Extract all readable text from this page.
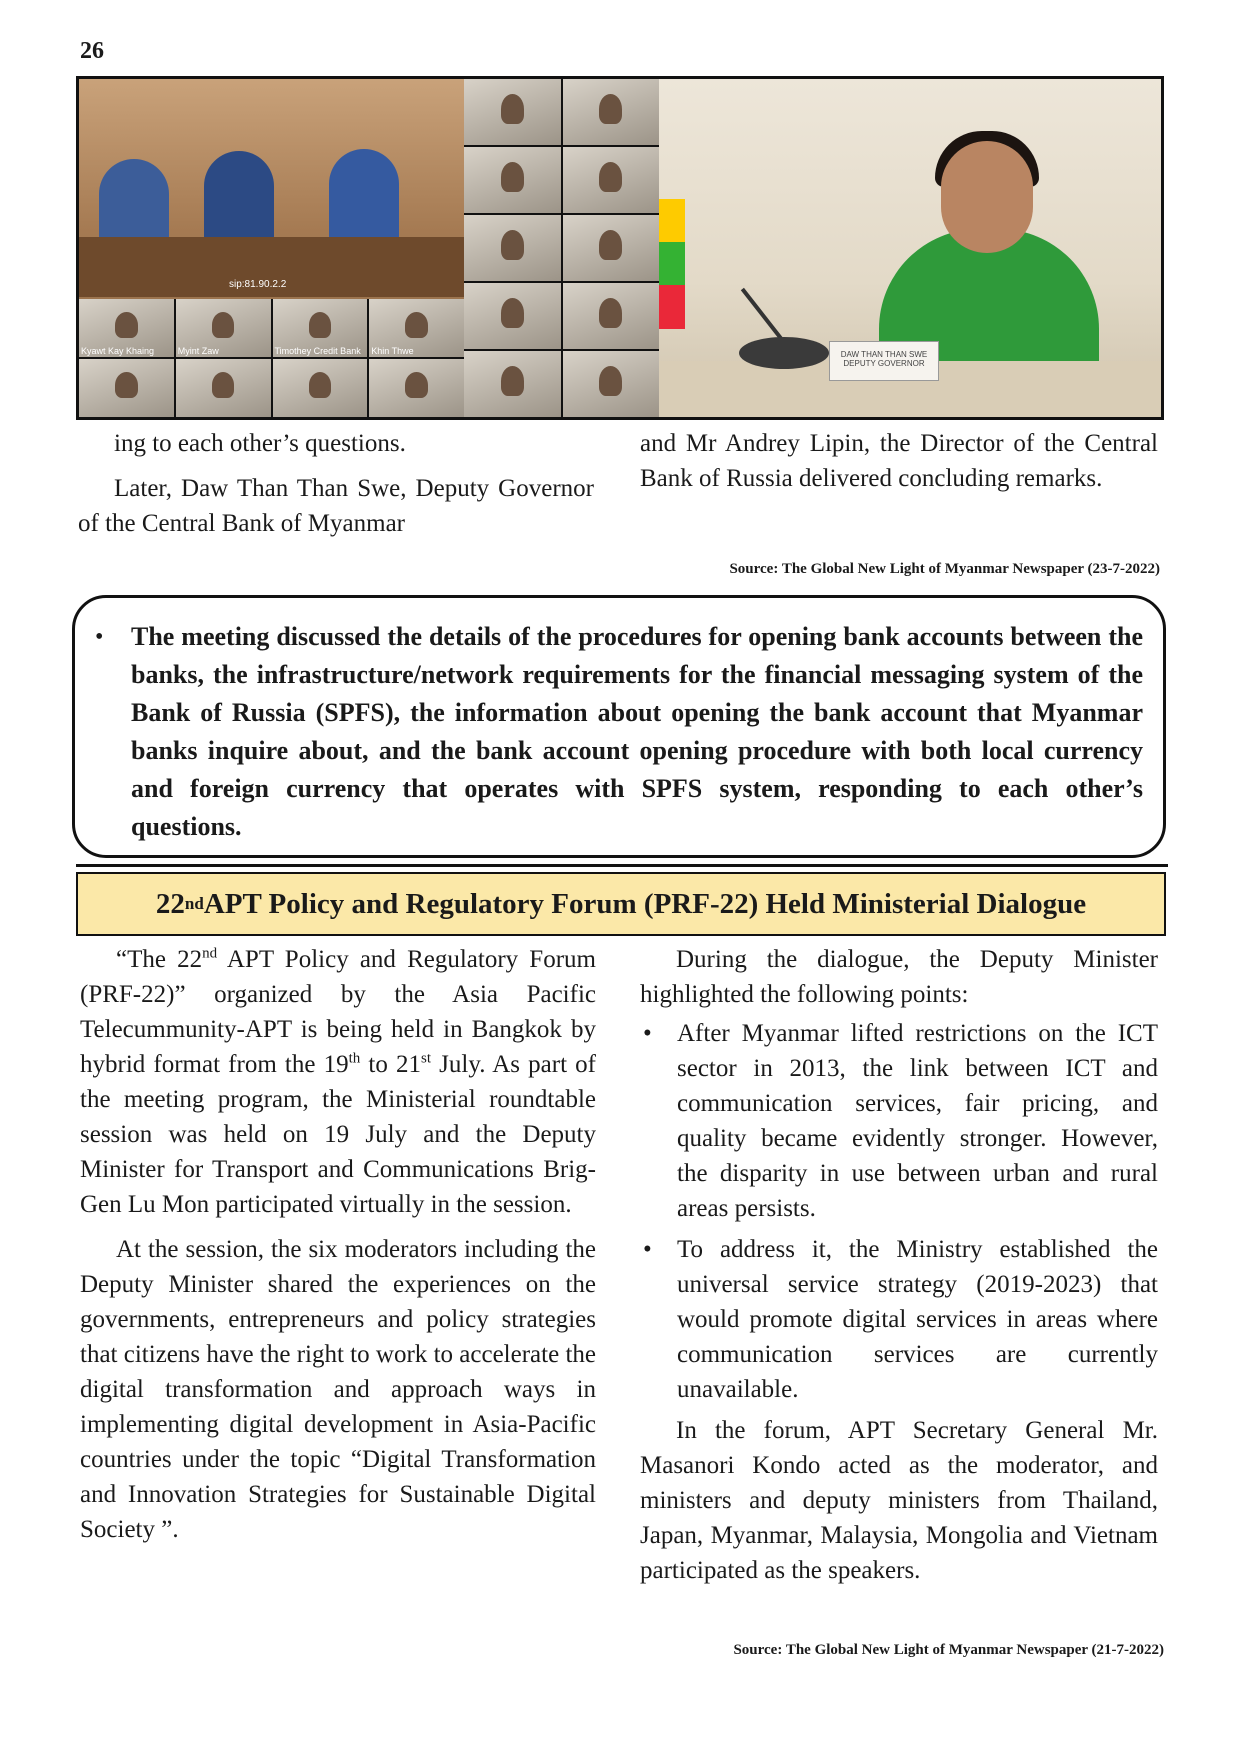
26
sip:81.90.2.2
Kyawt Kay Khaing	Myint Zaw	Timothey Credit Bank Khin Thwe	DAW THAN THAN SWE
DEPUTY GOVERNOR

ing to each other’s questions.

Later, Daw Than Than Swe, Deputy Governor of the Central Bank of Myanmar

and Mr Andrey Lipin, the Director of the Central Bank of Russia delivered concluding remarks.

Source: The Global New Light of Myanmar Newspaper (23-7-2022)
• The meeting discussed the details of the procedures for opening bank accounts between the banks, the infrastructure/network requirements for the financial messaging system of the Bank of Russia (SPFS), the information about opening the bank account that Myanmar banks inquire about, and the bank account opening procedure with both local currency and foreign currency that operates with SPFS system, responding to each other’s questions.
22 nd APT Policy and Regulatory Forum (PRF-22) Held Ministerial Dialogue

“The 22nd APT Policy and Regulatory Forum (PRF-22)” organized by the Asia Pacific Telecummunity-APT is being held in Bangkok by hybrid format from the 19th to 21st July. As part of the meeting program, the Ministerial roundtable session was held on 19 July and the Deputy Minister for Transport and Communications Brig-Gen Lu Mon participated virtually in the session.

At the session, the six moderators including the Deputy Minister shared the experiences on the governments, entrepreneurs and policy strategies that citizens have the right to work to accelerate the digital transformation and approach ways in implementing digital development in Asia-Pacific countries under the topic “Digital Transformation and Innovation Strategies for Sustainable Digital Society ”.

During the dialogue, the Deputy Minister highlighted the following points:

• After Myanmar lifted restrictions on the ICT sector in 2013, the link between ICT and communication services, fair pricing, and quality became evidently stronger. However, the disparity in use between urban and rural areas persists.
• To address it, the Ministry established the universal service strategy (2019-2023) that would promote digital services in areas where communication services are currently unavailable.

In the forum, APT Secretary General Mr. Masanori Kondo acted as the moderator, and ministers and deputy ministers from Thailand, Japan, Myanmar, Malaysia, Mongolia and Vietnam participated as the speakers.

Source: The Global New Light of Myanmar Newspaper (21-7-2022)
